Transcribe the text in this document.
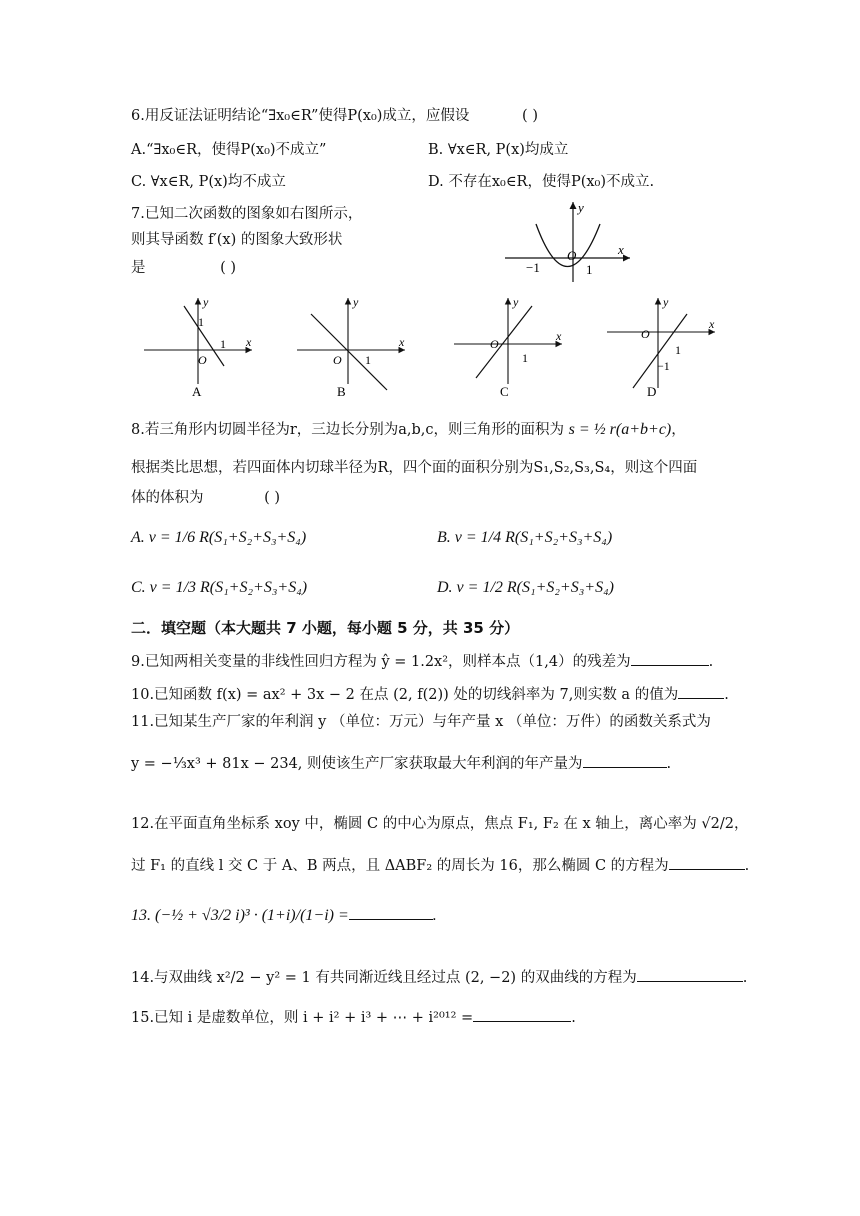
6.用反证法证明结论“∃x₀∈R”使得P(x₀)成立，应假设	( )
A.“∃x₀∈R，使得P(x₀)不成立”	B. ∀x∈R, P(x)均成立
C. ∀x∈R, P(x)均不成立	D. 不存在x₀∈R，使得P(x₀)不成立.
7.已知二次函数的图象如右图所示，
则其导函数 f′(x) 的图象大致形状
是	( )
y
x
O
−1	1
y
x
O
1
1
A
y
x
O 1
B
y
x
O
1
C
y
x
O
1
−1
D
8.若三角形内切圆半径为r，三边长分别为a,b,c，则三角形的面积为 s = ½ r(a+b+c)，
根据类比思想，若四面体内切球半径为R，四个面的面积分别为S₁,S₂,S₃,S₄，则这个四面
体的体积为	( )
A. v = 1/6 R(S₁+S₂+S₃+S₄)	B. v = 1/4 R(S₁+S₂+S₃+S₄)
C. v = 1/3 R(S₁+S₂+S₃+S₄)	D. v = 1/2 R(S₁+S₂+S₃+S₄)
二．填空题（本大题共 7 小题，每小题 5 分，共 35 分）
9.已知两相关变量的非线性回归方程为 ŷ = 1.2x²，则样本点（1,4）的残差为	.
10.已知函数 f(x) = ax² + 3x − 2 在点 (2, f(2)) 处的切线斜率为 7,则实数 a 的值为	.
11.已知某生产厂家的年利润 y （单位：万元）与年产量 x （单位：万件）的函数关系式为
y = −⅓x³ + 81x − 234, 则使该生产厂家获取最大年利润的年产量为	.
12.在平面直角坐标系 xoy 中，椭圆 C 的中心为原点，焦点 F₁, F₂ 在 x 轴上，离心率为 √2/2，
过 F₁ 的直线 l 交 C 于 A、B 两点，且 ΔABF₂ 的周长为 16，那么椭圆 C 的方程为	.
13. (−½ + √3/2 i)³ · (1+i)/(1−i) =	.
14.与双曲线 x²/2 − y² = 1 有共同渐近线且经过点 (2, −2) 的双曲线的方程为	.
15.已知 i 是虚数单位，则 i + i² + i³ + ⋯ + i²⁰¹² =	.
